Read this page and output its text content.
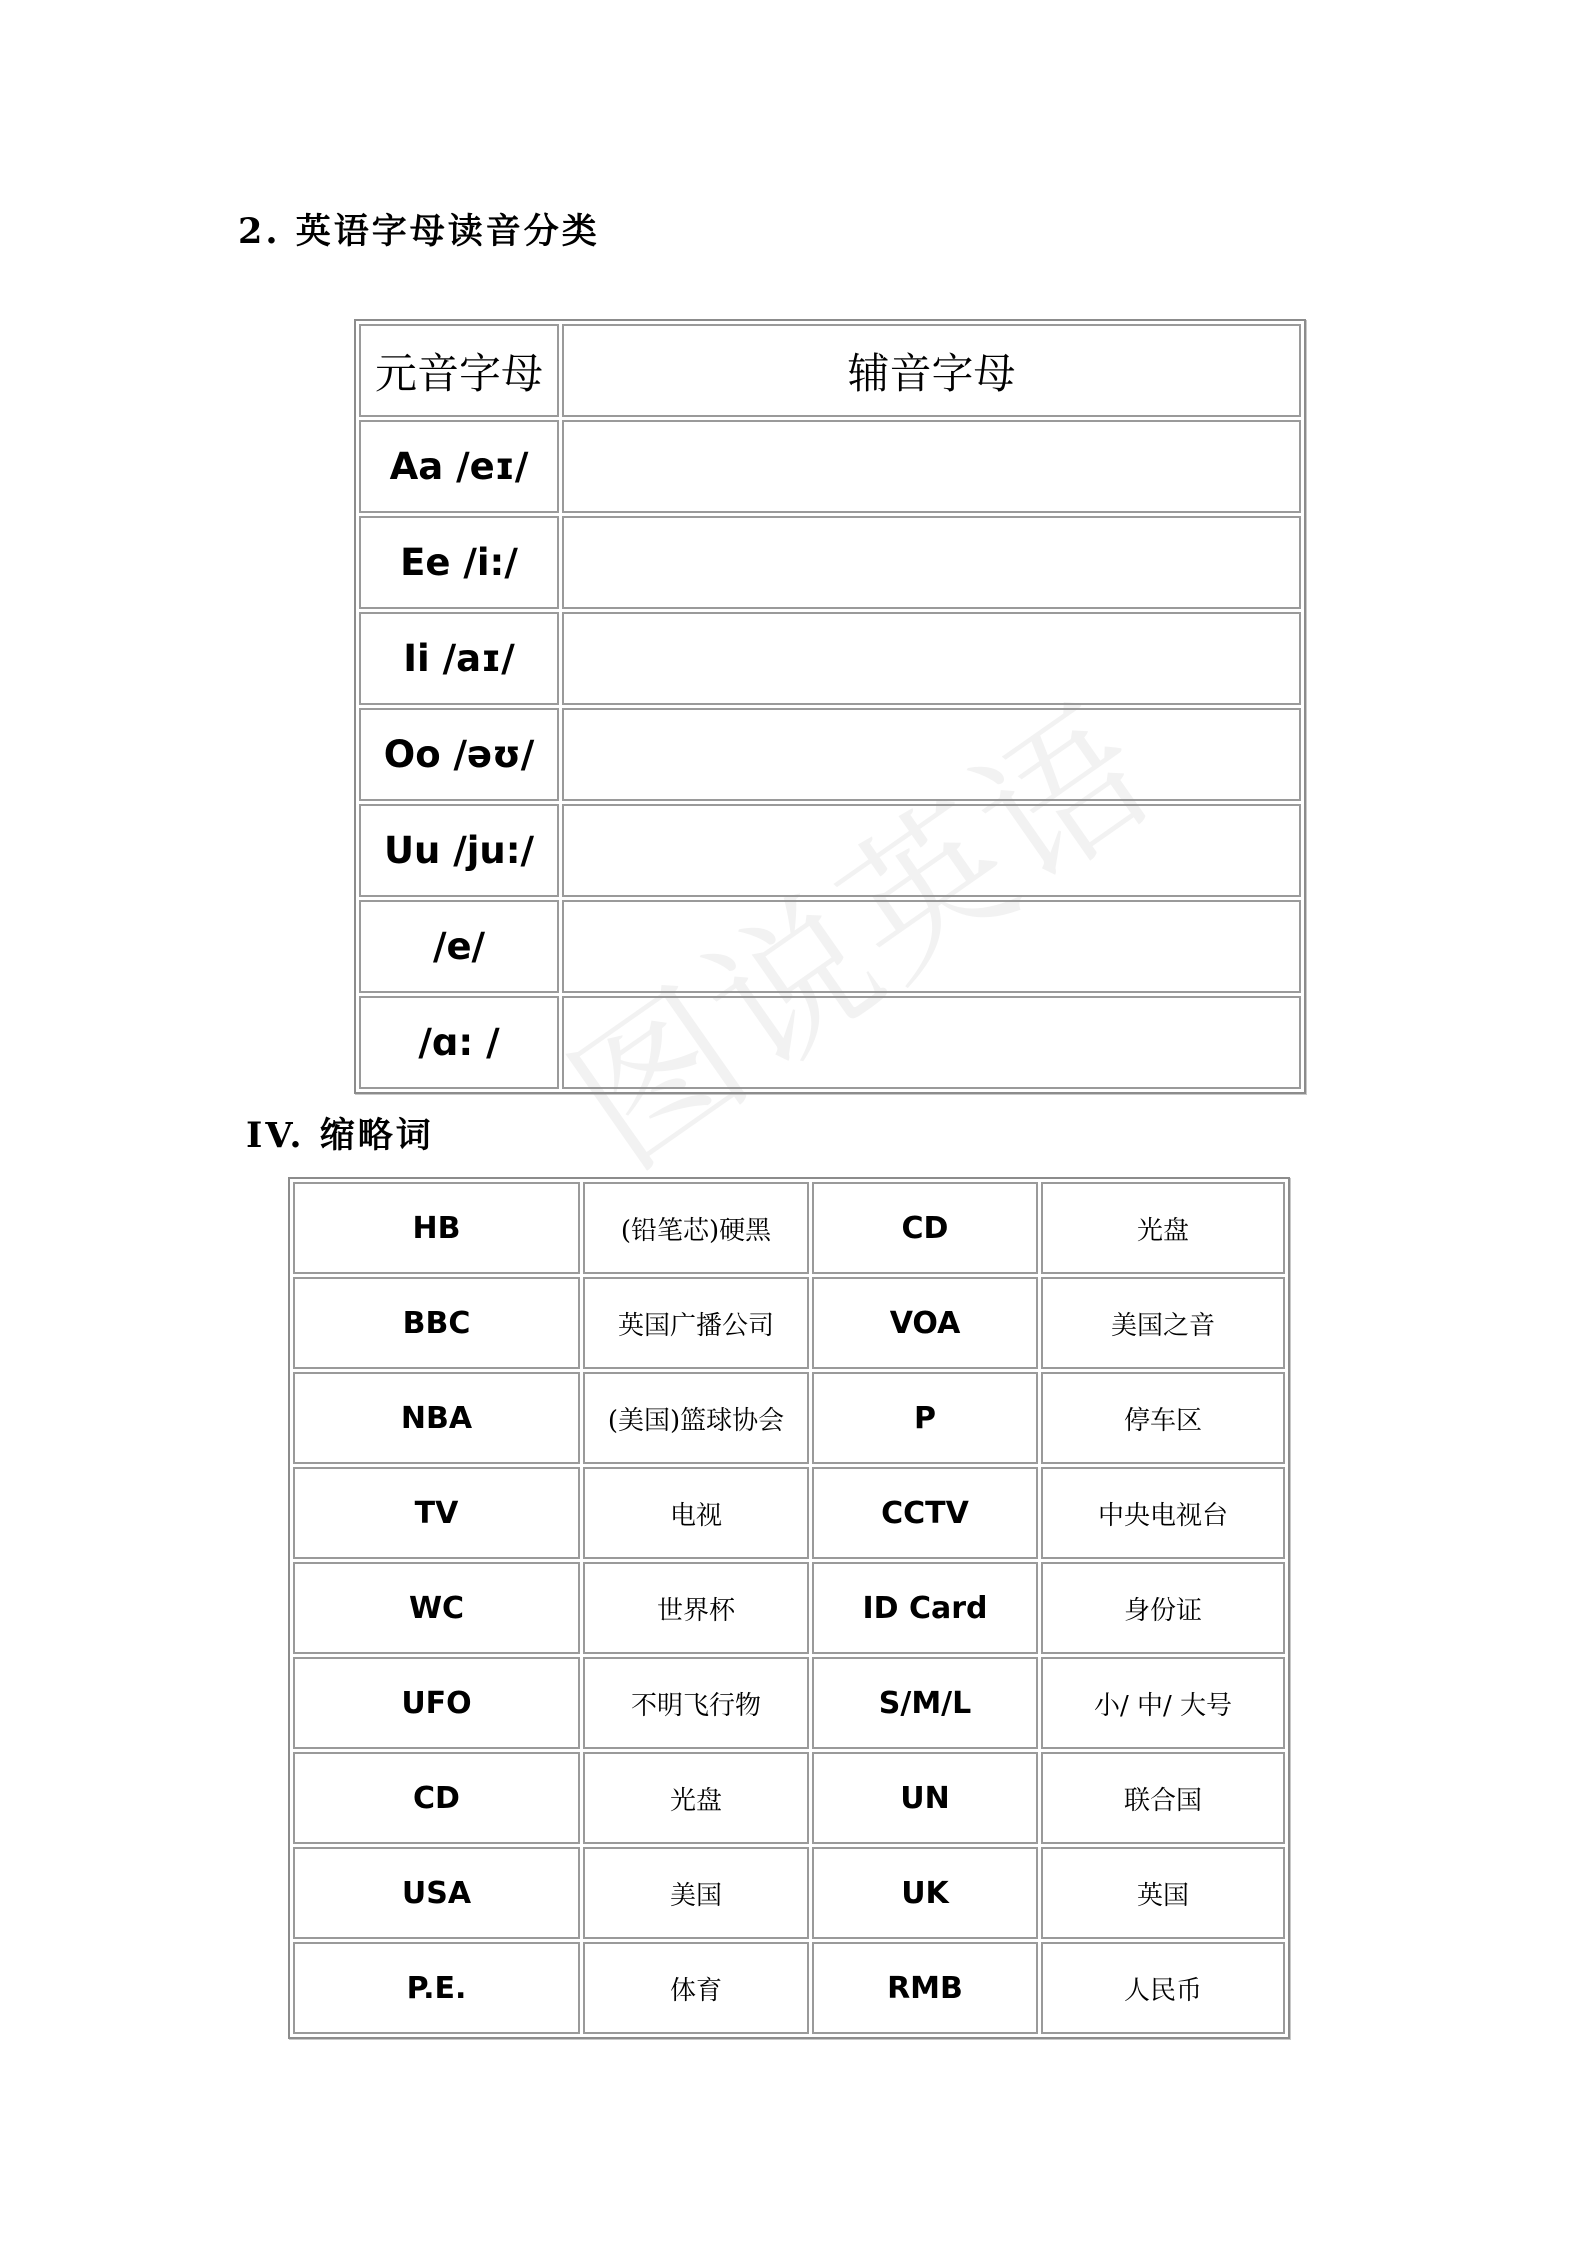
2. 英语字母读音分类
元音字母	辅音字母
Aa /eɪ/	
Ee /i:/	
Ii /aɪ/	
Oo /əʊ/	
Uu /ju:/	
/e/	
/ɑ: /	
IV. 缩略词
HB	(铅笔芯)硬黑	CD	光盘
BBC	英国广播公司	VOA	美国之音
NBA	(美国)篮球协会	P	停车区
TV	电视	CCTV	中央电视台
WC	世界杯	ID Card	身份证
UFO	不明飞行物	S/M/L	小/ 中/ 大号
CD	光盘	UN	联合国
USA	美国	UK	英国
P.E.	体育	RMB	人民币

图说英语
